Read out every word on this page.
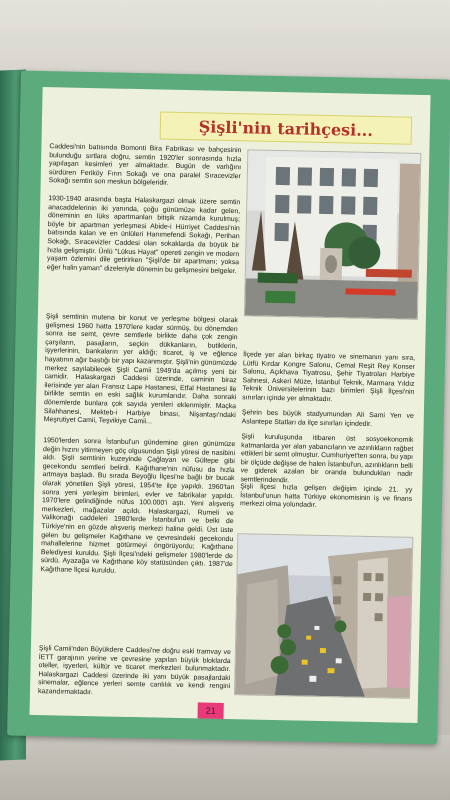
Şişli'nin tarihçesi...

Caddesi'nin batısında Bomonti Bira Fabrikası ve bahçesinin bulunduğu sırtlara doğru, semtin 1920'ler sonrasında hızla yapılaşan kesimleri yer almaktadır. Bugün de varlığını sürdüren Feriköy Fırın Sokağı ve ona paralel Sıracevizler Sokağı semtin son meskun bölgeleridir.

1930-1940 arasında başta Halaskargazi olmak üzere semtin anacaddelerinin iki yanında, çoğu günümüze kadar gelen, döneminin en lüks apartmanları bitişik nizamda kurulmuş; böyle bir apartman yerleşmesi Abide-i Hürriyet Caddesi'nin batısında kalan ve en ünlüleri Hanımefendi Sokağı, Perihan Sokağı, Sıracevizler Caddesi olan sokaklarda da büyük bir hızla gelişmiştir. Ünlü "Lükus Hayat" opereti zengin ve modern yaşam özlemini dile getirirken "Şişli'de bir apartmanı; yoksa eğer halin yaman" dizeleriyle dönemin bu gelişmesini belgeler.

Şişli semtinin mutena bir konut ve yerleşme bölgesi olarak gelişmesi 1960 hatta 1970'lere kadar sürmüş, bu dönemden sonra ise semt, çevre semtlerle birlikte daha çok zengin çarşıların, pasajların, seçkin dükkanların, butiklerin, işyerlerinin, bankaların yer aldığı; ticaret, iş ve eğlence hayatının ağır bastığı bir yapı kazanmıştır. Şişli'nin günümüzde merkez sayılabilecek Şişli Camii 1949'da açılmış yeni bir camidir. Halaskargazi Caddesi üzerinde, caminin biraz ilerisinde yer alan Fransız Lape Hastanesi, Etfal Hastanesi ile birlikte semtin en eski sağlık kurumlarıdır. Daha sonraki dönemlerde bunlara çok sayıda yenileri eklenmiştir. Maçka Silahhanesi, Mekteb-i Harbiye binası, Nişantaşı'ndaki Meşrutiyet Camii, Teşvikiye Camii...

1950'lerden sonra İstanbul'un gündemine giren günümüze değin hızını yitirmeyen göç olgusundan Şişli yöresi de nasibini aldı. Şişli semtinin kuzeyinde Çağlayan ve Gültepe gibi gecekondu semtleri belirdi. Kağıthane'nin nüfusu da hızla artmaya başladı. Bu sırada Beyoğlu İlçesi'ne bağlı bir bucak olarak yönetilen Şişli yöresi, 1954'te ilçe yapıldı. 1960'tan sonra yeni yerleşim birimleri, evler ve fabrikalar yapıldı. 1970'lere gelindiğinde nüfus 100.000'i aştı. Yeni alışveriş merkezleri, mağazalar açıldı. Halaskargazi, Rumeli ve Valikonağı caddeleri 1980'lerde İstanbul'un ve belki de Türkiye'nin en gözde alışveriş merkezi haline geldi. Üst üste gelen bu gelişmeler Kağıthane ve çevresindeki gecekondu mahallelerine hizmet götürmeyi öngörüyordu; Kağıthane Belediyesi kuruldu. Şişli İlçesi'ndeki gelişmeler 1980'lerde de sürdü. Ayazağa ve Kağıthane köy statüsünden çıktı. 1987'de Kağıthane İlçesi kuruldu.

Şişli Camii'nden Büyükdere Caddesi'ne doğru eski tramvay ve İETT garajının yerine ve çevresine yapılan büyük bloklarda oteller, işyerleri, kültür ve ticaret merkezleri bulunmaktadır. Halaskargazi Caddesi üzerinde iki yanı büyük pasajlardaki sinemalar, eğlence yerleri semte canlılık ve kendi rengini kazandırmaktadır.

İlçede yer alan birkaç tiyatro ve sinemanın yanı sıra, Lütfü Kırdar Kongre Salonu, Cemal Reşit Rey Konser Salonu, Açıkhava Tiyatrosu, Şehir Tiyatroları Harbiye Sahnesi, Askeri Müze, İstanbul Teknik, Marmara Yıldız Teknik Üniversitelerinin bazı birimleri Şişli İlçesi'nin sınırları içinde yer almaktadır.

Şehrin bes büyük stadyumundan Ali Sami Yen ve Aslantepe Statları da ilçe sınırları içindedir.

Şişli kuruluşunda itibaren üst sosyoekonomik katmanlarda yer alan yabancıların ve azınlıkların rağbet ettikleri bir semt olmuştur. Cumhuriyet'ten sonra, bu yapı bir ölçüde değişse de halen İstanbul'un, azınlıkların belli ve giderek azalan bir oranda bulundukları nadir semtlerindendir.

Şişli İlçesi hızla gelişen değişim içinde 21. yy İstanbul'unun hatta Türkiye ekonomisinin iş ve finans merkezi olma yolundadır.

21
